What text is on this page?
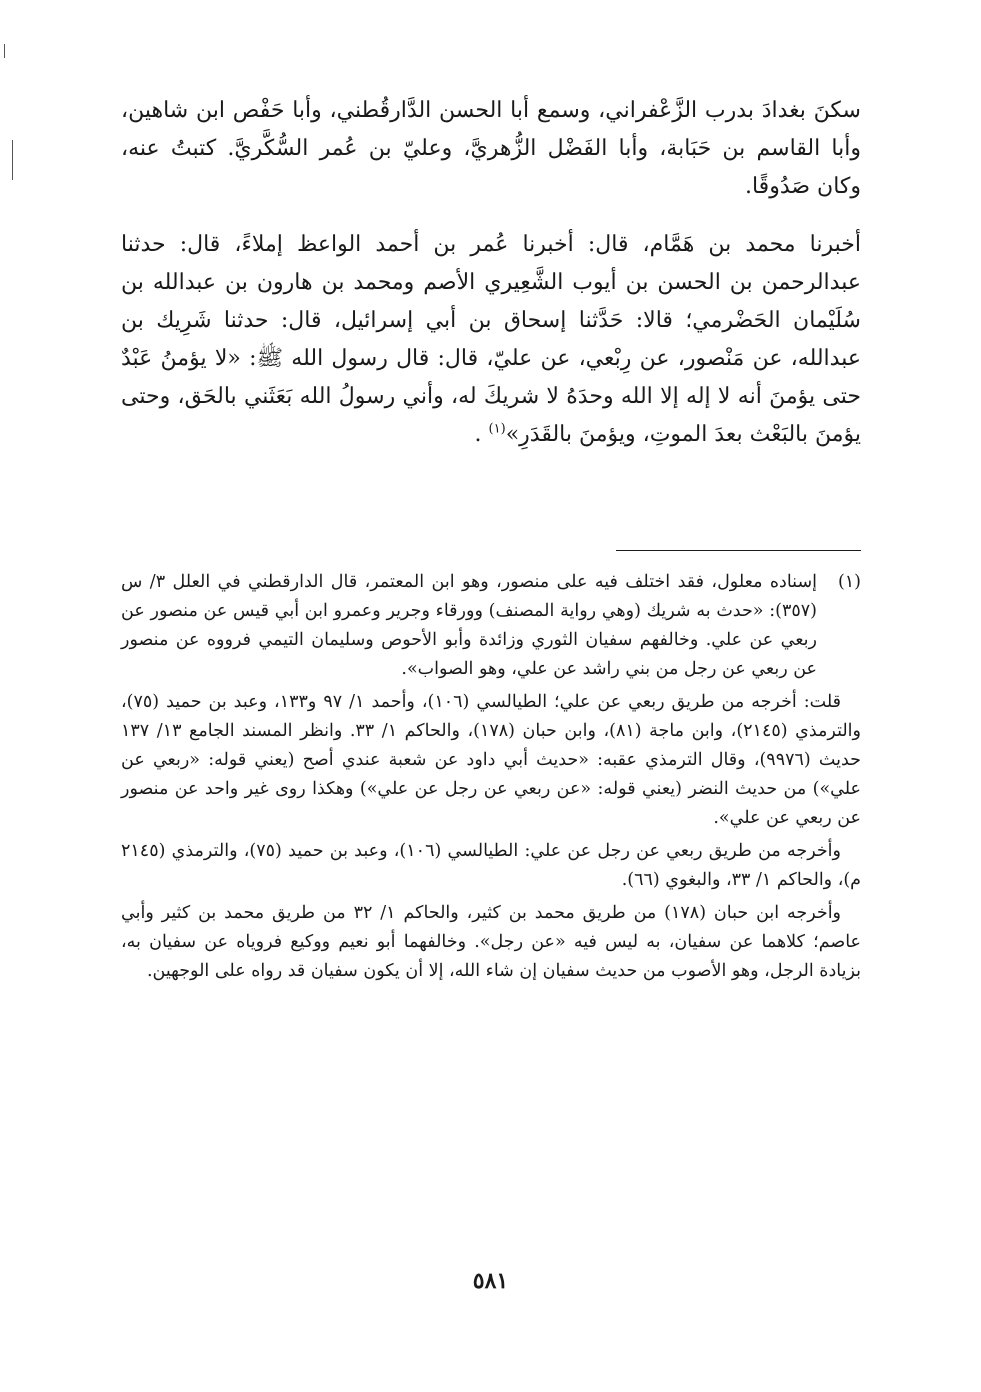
سكنَ بغدادَ بدرب الزَّعْفراني، وسمع أبا الحسن الدَّارقُطني، وأبا حَفْص ابن شاهين، وأبا القاسم بن حَبَابة، وأبا الفَضْل الزُّهريَّ، وعليّ بن عُمر السُّكَّريَّ. كتبتُ عنه، وكان صَدُوقًا.

أخبرنا محمد بن هَمَّام، قال: أخبرنا عُمر بن أحمد الواعظ إملاءً، قال: حدثنا عبدالرحمن بن الحسن بن أيوب الشَّعِيري الأصم ومحمد بن هارون بن عبدالله بن سُلَيْمان الحَضْرمي؛ قالا: حَدَّثنا إسحاق بن أبي إسرائيل، قال: حدثنا شَرِيك بن عبدالله، عن مَنْصور، عن رِبْعي، عن عليّ، قال: قال رسول الله ﷺ: «لا يؤمنُ عَبْدٌ حتى يؤمنَ أنه لا إله إلا الله وحدَهُ لا شريكَ له، وأني رسولُ الله بَعَثَني بالحَق، وحتى يؤمنَ بالبَعْث بعدَ الموتِ، ويؤمنَ بالقَدَرِ»$^{(١)}$ .

(١)
إسناده معلول، فقد اختلف فيه على منصور، وهو ابن المعتمر، قال الدارقطني في العلل ٣/ س (٣٥٧): «حدث به شريك (وهي رواية المصنف) وورقاء وجرير وعمرو ابن أبي قيس عن منصور عن ربعي عن علي. وخالفهم سفيان الثوري وزائدة وأبو الأحوص وسليمان التيمي فرووه عن منصور عن ربعي عن رجل من بني راشد عن علي، وهو الصواب».

قلت: أخرجه من طريق ربعي عن علي؛ الطيالسي (١٠٦)، وأحمد ١/ ٩٧ و١٣٣، وعبد بن حميد (٧٥)، والترمذي (٢١٤٥)، وابن ماجة (٨١)، وابن حبان (١٧٨)، والحاكم ١/ ٣٣. وانظر المسند الجامع ١٣/ ١٣٧ حديث (٩٩٧٦)، وقال الترمذي عقبه: «حديث أبي داود عن شعبة عندي أصح (يعني قوله: «ربعي عن علي») من حديث النضر (يعني قوله: «عن ربعي عن رجل عن علي») وهكذا روى غير واحد عن منصور عن ربعي عن علي».

وأخرجه من طريق ربعي عن رجل عن علي: الطيالسي (١٠٦)، وعبد بن حميد (٧٥)، والترمذي (٢١٤٥ م)، والحاكم ١/ ٣٣، والبغوي (٦٦).

وأخرجه ابن حبان (١٧٨) من طريق محمد بن كثير، والحاكم ١/ ٣٢ من طريق محمد بن كثير وأبي عاصم؛ كلاهما عن سفيان، به ليس فيه «عن رجل». وخالفهما أبو نعيم ووكيع فروياه عن سفيان به، بزيادة الرجل، وهو الأصوب من حديث سفيان إن شاء الله، إلا أن يكون سفيان قد رواه على الوجهين.

٥٨١
